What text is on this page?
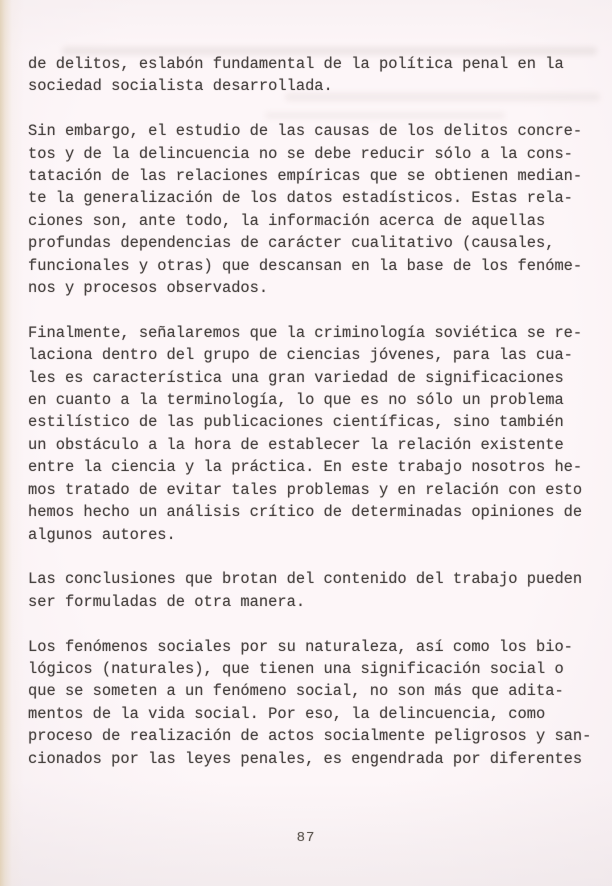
de delitos, eslabón fundamental de la política penal en la
sociedad socialista desarrollada.
Sin embargo, el estudio de las causas de los delitos concre-
tos y de la delincuencia no se debe reducir sólo a la cons-
tatación de las relaciones empíricas que se obtienen median-
te la generalización de los datos estadísticos. Estas rela-
ciones son, ante todo, la información acerca de aquellas
profundas dependencias de carácter cualitativo (causales,
funcionales y otras) que descansan en la base de los fenóme-
nos y procesos observados.
Finalmente, señalaremos que la criminología soviética se re-
laciona dentro del grupo de ciencias jóvenes, para las cua-
les es característica una gran variedad de significaciones
en cuanto a la terminología, lo que es no sólo un problema
estilístico de las publicaciones científicas, sino también
un obstáculo a la hora de establecer la relación existente
entre la ciencia y la práctica. En este trabajo nosotros he-
mos tratado de evitar tales problemas y en relación con esto
hemos hecho un análisis crítico de determinadas opiniones de
algunos autores.
Las conclusiones que brotan del contenido del trabajo pueden
ser formuladas de otra manera.
Los fenómenos sociales por su naturaleza, así como los bio-
lógicos (naturales), que tienen una significación social o
que se someten a un fenómeno social, no son más que adita-
mentos de la vida social. Por eso, la delincuencia, como
proceso de realización de actos socialmente peligrosos y san-
cionados por las leyes penales, es engendrada por diferentes
87
